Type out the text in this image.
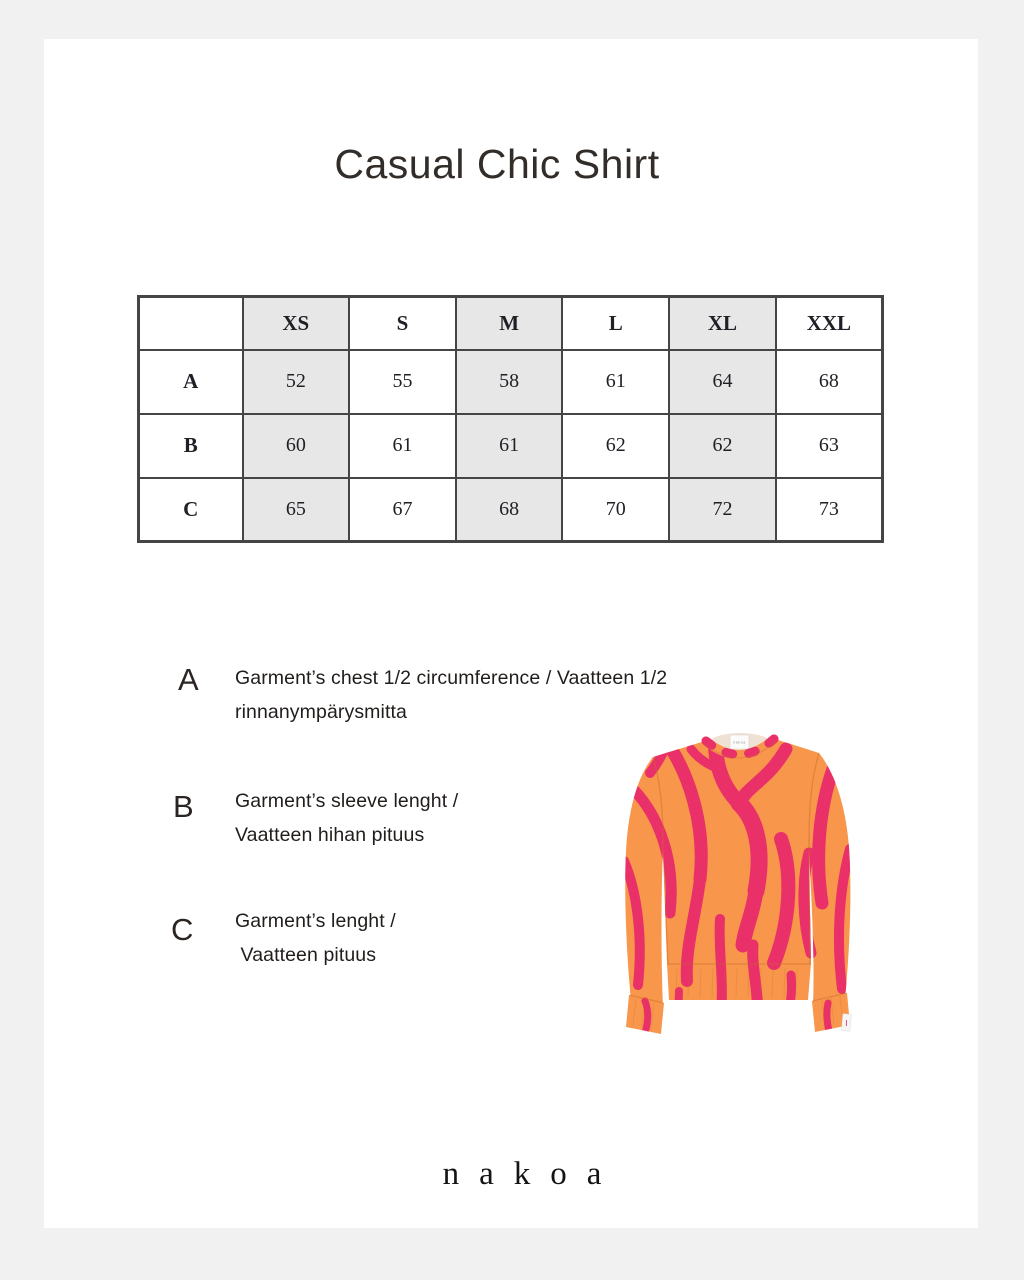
Casual Chic Shirt
	XS	S	M	L	XL	XXL
A	52	55	58	61	64	68
B	60	61	61	62	62	63
C	65	67	68	70	72	73
A Garment’s chest 1/2 circumference / Vaatteen 1/2
rinnanympärysmitta
B Garment’s sleeve lenght /
Vaatteen hihan pituus
C Garment’s lenght /
Vaatteen pituus
nakoa
nakoa
